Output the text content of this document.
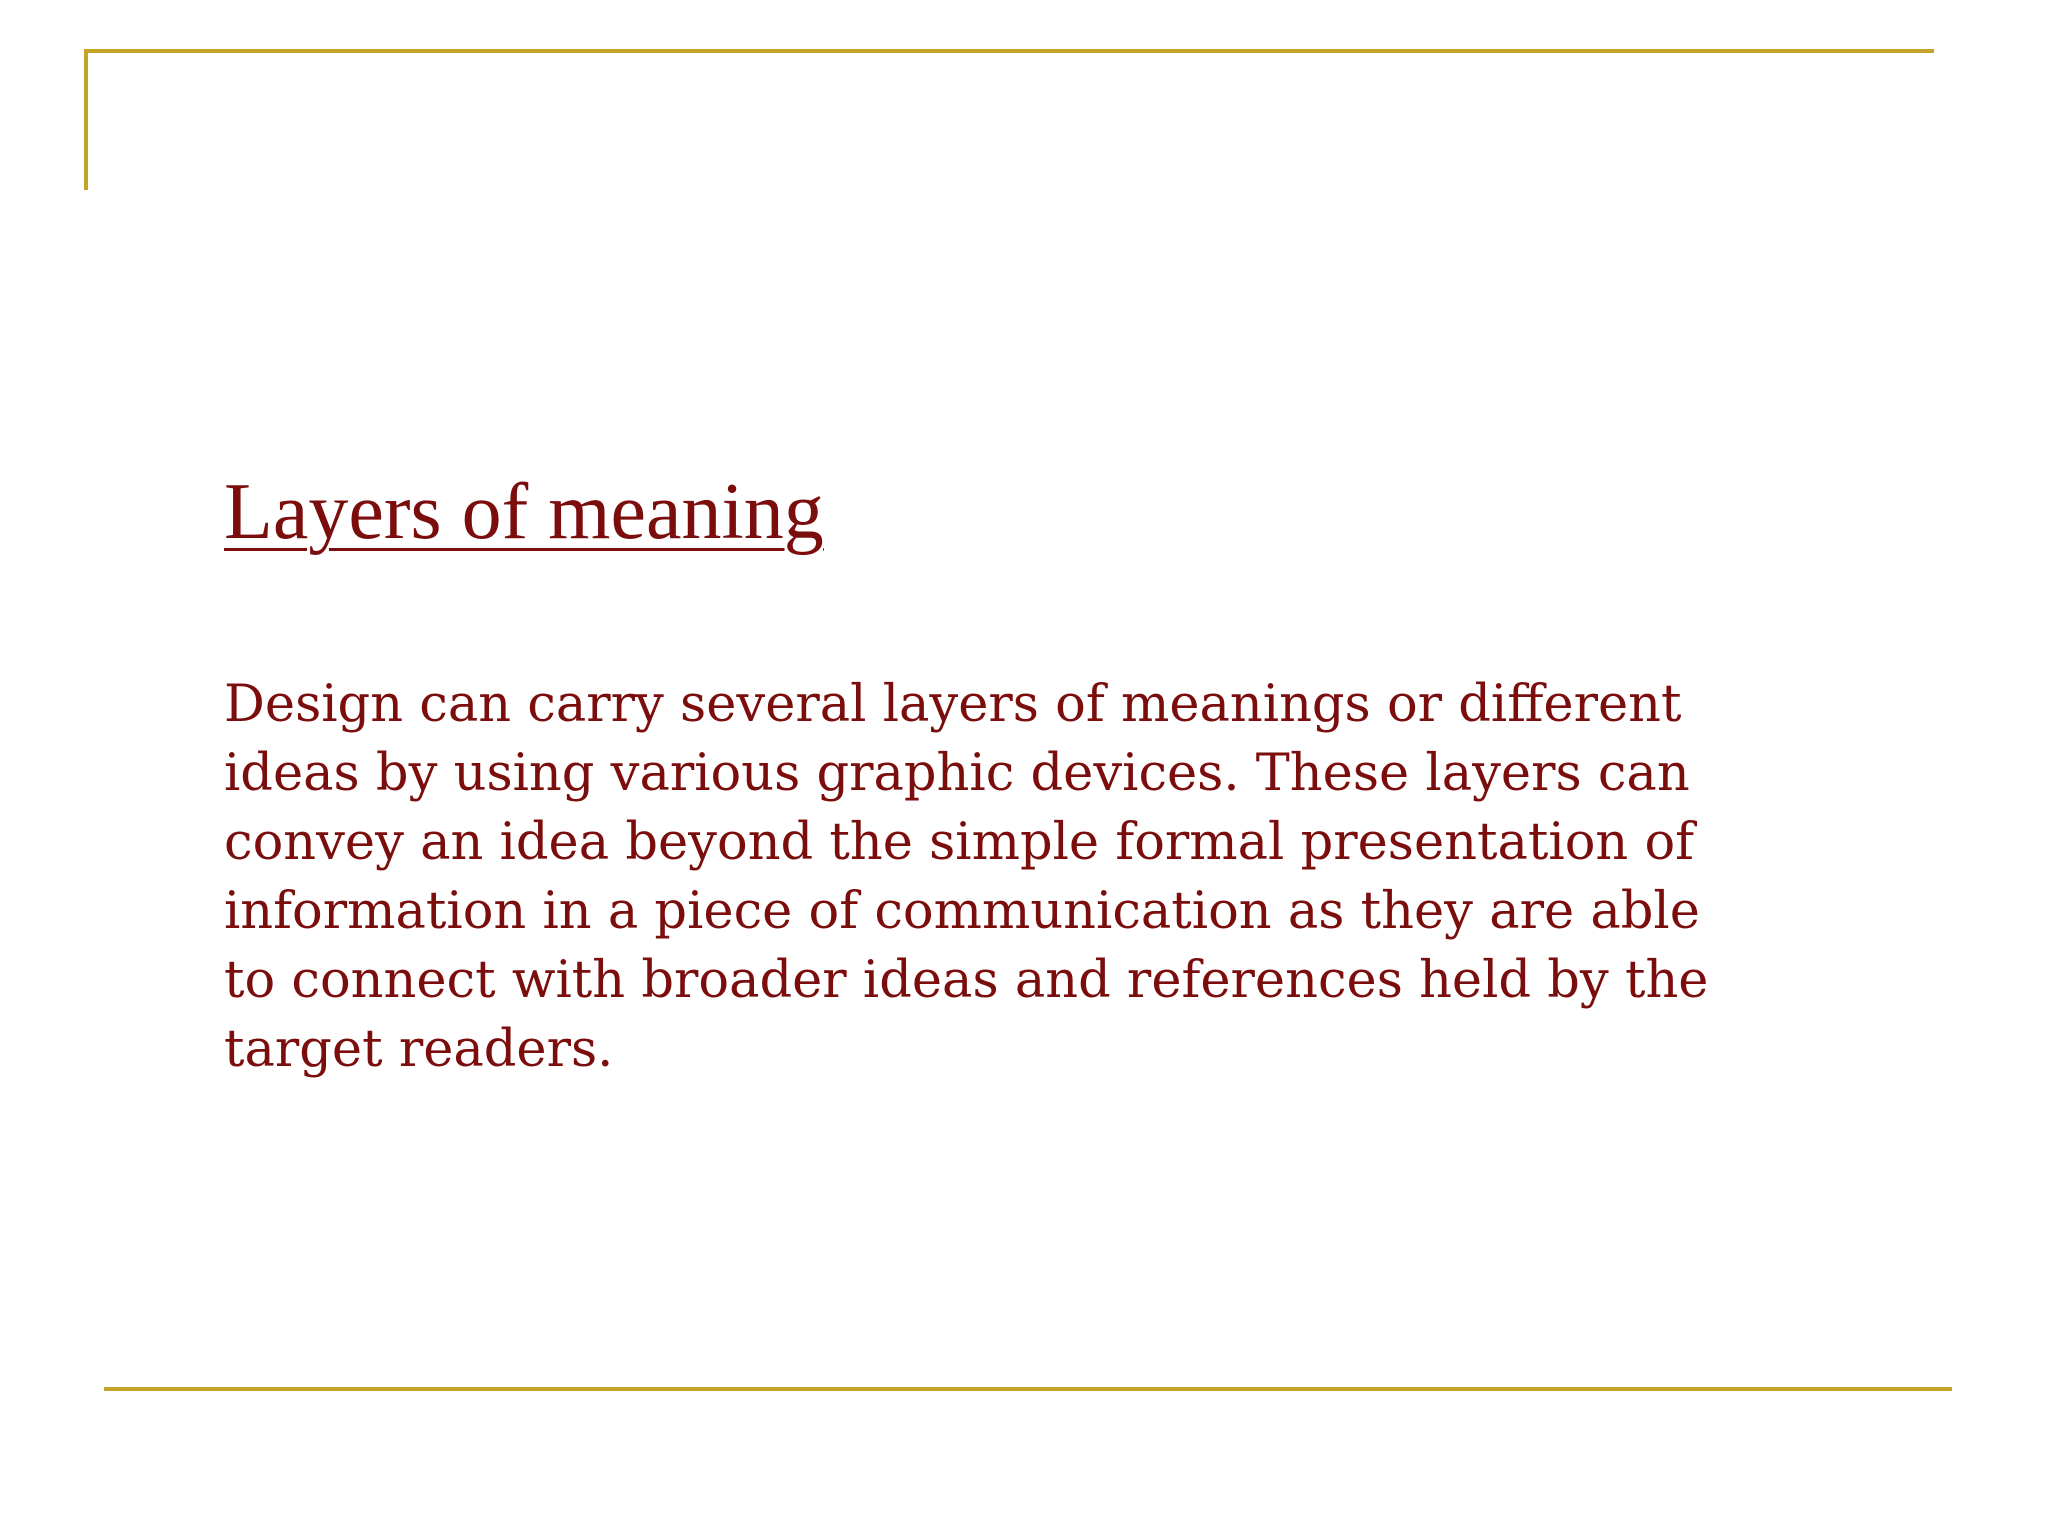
Layers of meaning

Design can carry several layers of meanings or different
ideas by using various graphic devices. These layers can
convey an idea beyond the simple formal presentation of
information in a piece of communication as they are able
to connect with broader ideas and references held by the
target readers.
